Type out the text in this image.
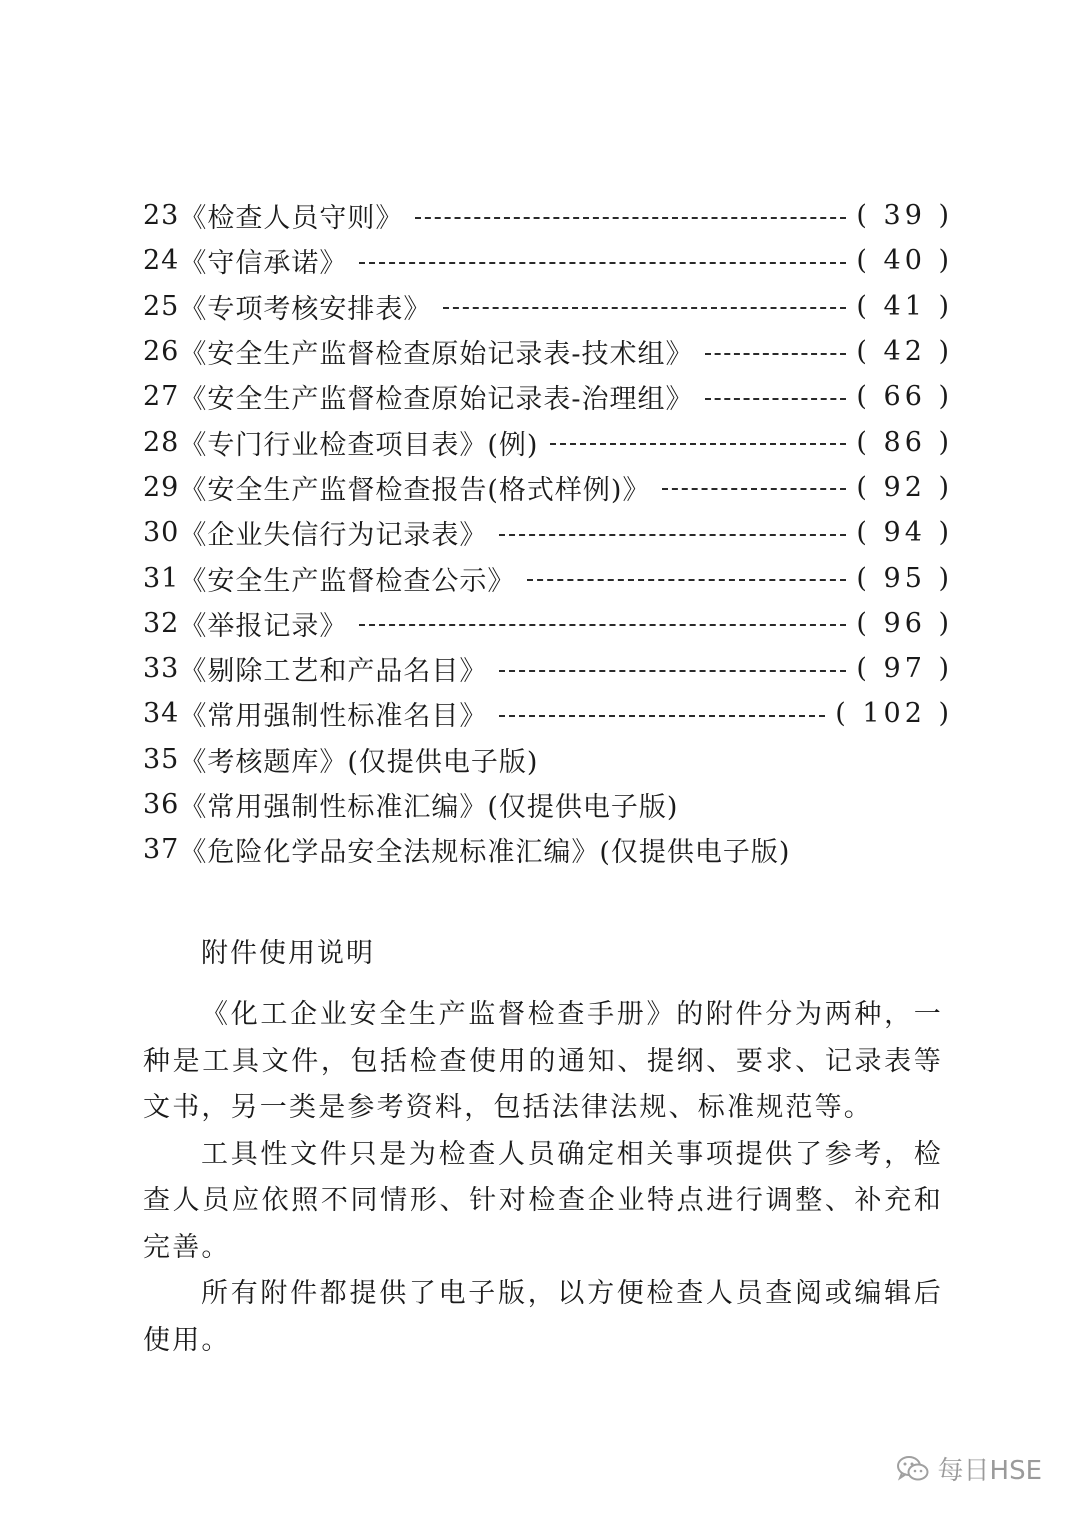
23 《检查人员守则》	( 39 )
24 《守信承诺》	( 40 )
25 《专项考核安排表》	( 41 )
26 《安全生产监督检查原始记录表-技术组》	( 42 )
27 《安全生产监督检查原始记录表-治理组》	( 66 )
28 《专门行业检查项目表》(例)	( 86 )
29 《安全生产监督检查报告(格式样例)》	( 92 )
30 《企业失信行为记录表》	( 94 )
31 《安全生产监督检查公示》	( 95 )
32 《举报记录》	( 96 )
33 《剔除工艺和产品名目》	( 97 )
34 《常用强制性标准名目》	( 102 )
35 《考核题库》(仅提供电子版)
36 《常用强制性标准汇编》(仅提供电子版)
37 《危险化学品安全法规标准汇编》(仅提供电子版)
附件使用说明
《化工企业安全生产监督检查手册》的附件分为两种，一种是工具文件，包括检查使用的通知、提纲、要求、记录表等文书，另一类是参考资料，包括法律法规、标准规范等。
工具性文件只是为检查人员确定相关事项提供了参考，检查人员应依照不同情形、针对检查企业特点进行调整、补充和完善。
所有附件都提供了电子版，以方便检查人员查阅或编辑后使用。
每日HSE
